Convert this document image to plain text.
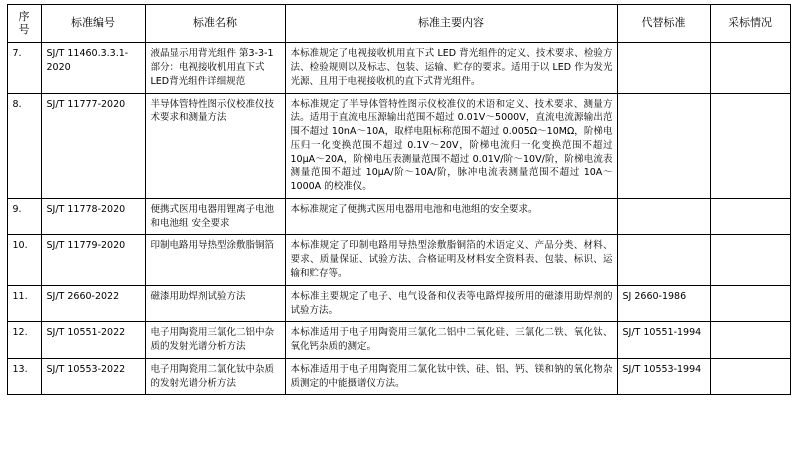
序
号	标准编号	标准名称	标准主要内容	代替标准	采标情况
7.	SJ/T 11460.3.3.1-2020	液晶显示用背光组件 第3-3-1部分：电视接收机用直下式LED背光组件详细规范	本标准规定了电视接收机用直下式 LED 背光组件的定义、技术要求、检验方法、检验规则以及标志、包装、运输、贮存的要求。适用于以 LED 作为发光光源、且用于电视接收机的直下式背光组件。		
8.	SJ/T 11777-2020	半导体管特性图示仪校准仪技术要求和测量方法	本标准规定了半导体管特性图示仪校准仪的术语和定义、技术要求、测量方法。适用于直流电压源输出范围不超过 0.01V～5000V，直流电流源输出范围不超过 10nA～10A，取样电阻标称范围不超过 0.005Ω～10MΩ，阶梯电压归一化变换范围不超过 0.1V～20V，阶梯电流归一化变换范围不超过 10μA～20A，阶梯电压表测量范围不超过 0.01V/阶～10V/阶，阶梯电流表测量范围不超过 10μA/阶～10A/阶，脉冲电流表测量范围不超过 10A～1000A 的校准仪。		
9.	SJ/T 11778-2020	便携式医用电器用锂离子电池和电池组 安全要求	本标准规定了便携式医用电器用电池和电池组的安全要求。		
10.	SJ/T 11779-2020	印制电路用导热型涂敷脂铜箔	本标准规定了印制电路用导热型涂敷脂铜箔的术语定义、产品分类、材料、要求、质量保证、试验方法、合格证明及材料安全资料表、包装、标识、运输和贮存等。		
11.	SJ/T 2660-2022	磁漆用助焊剂试验方法	本标准主要规定了电子、电气设备和仪表等电路焊接所用的磁漆用助焊剂的试验方法。	SJ 2660-1986	
12.	SJ/T 10551-2022	电子用陶瓷用三氯化二铝中杂质的发射光谱分析方法	本标准适用于电子用陶瓷用三氯化二铝中二氧化硅、三氯化二铁、氧化钛、氧化钙杂质的测定。	SJ/T 10551-1994	
13.	SJ/T 10553-2022	电子用陶瓷用二氯化钛中杂质的发射光谱分析方法	本标准适用于电子用陶瓷用二氯化钛中铁、硅、铝、钙、镁和钠的氧化物杂质测定的中能摄谱仪方法。	SJ/T 10553-1994	
